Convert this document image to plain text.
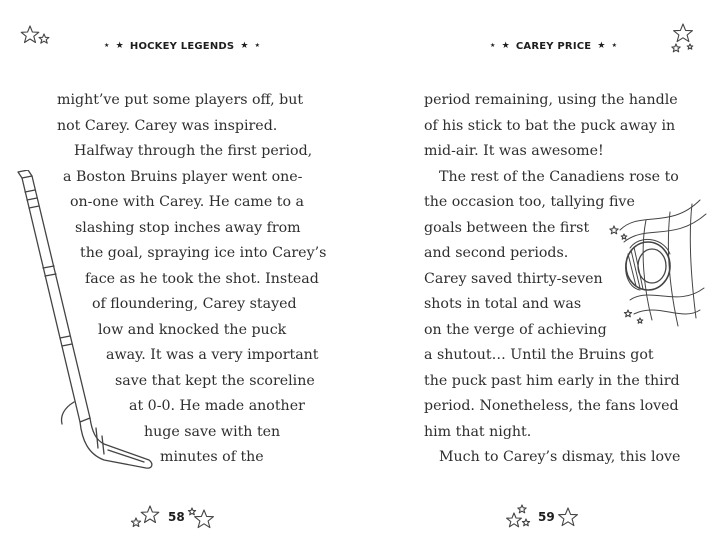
★ ★ HOCKEY LEGENDS ★ ★
might’ve put some players off, but
not Carey. Carey was inspired.
Halfway through the first period,
a Boston Bruins player went one-
on-one with Carey. He came to a
slashing stop inches away from
the goal, spraying ice into Carey’s
face as he took the shot. Instead
of floundering, Carey stayed
low and knocked the puck
away. It was a very important
save that kept the scoreline
at 0-0. He made another
huge save with ten
minutes of the
58
★ ★ CAREY PRICE ★ ★
period remaining, using the handle
of his stick to bat the puck away in
mid-air. It was awesome!
The rest of the Canadiens rose to
the occasion too, tallying five
goals between the first
and second periods.
Carey saved thirty-seven
shots in total and was
on the verge of achieving
a shutout… Until the Bruins got
the puck past him early in the third
period. Nonetheless, the fans loved
him that night.
Much to Carey’s dismay, this love
59
